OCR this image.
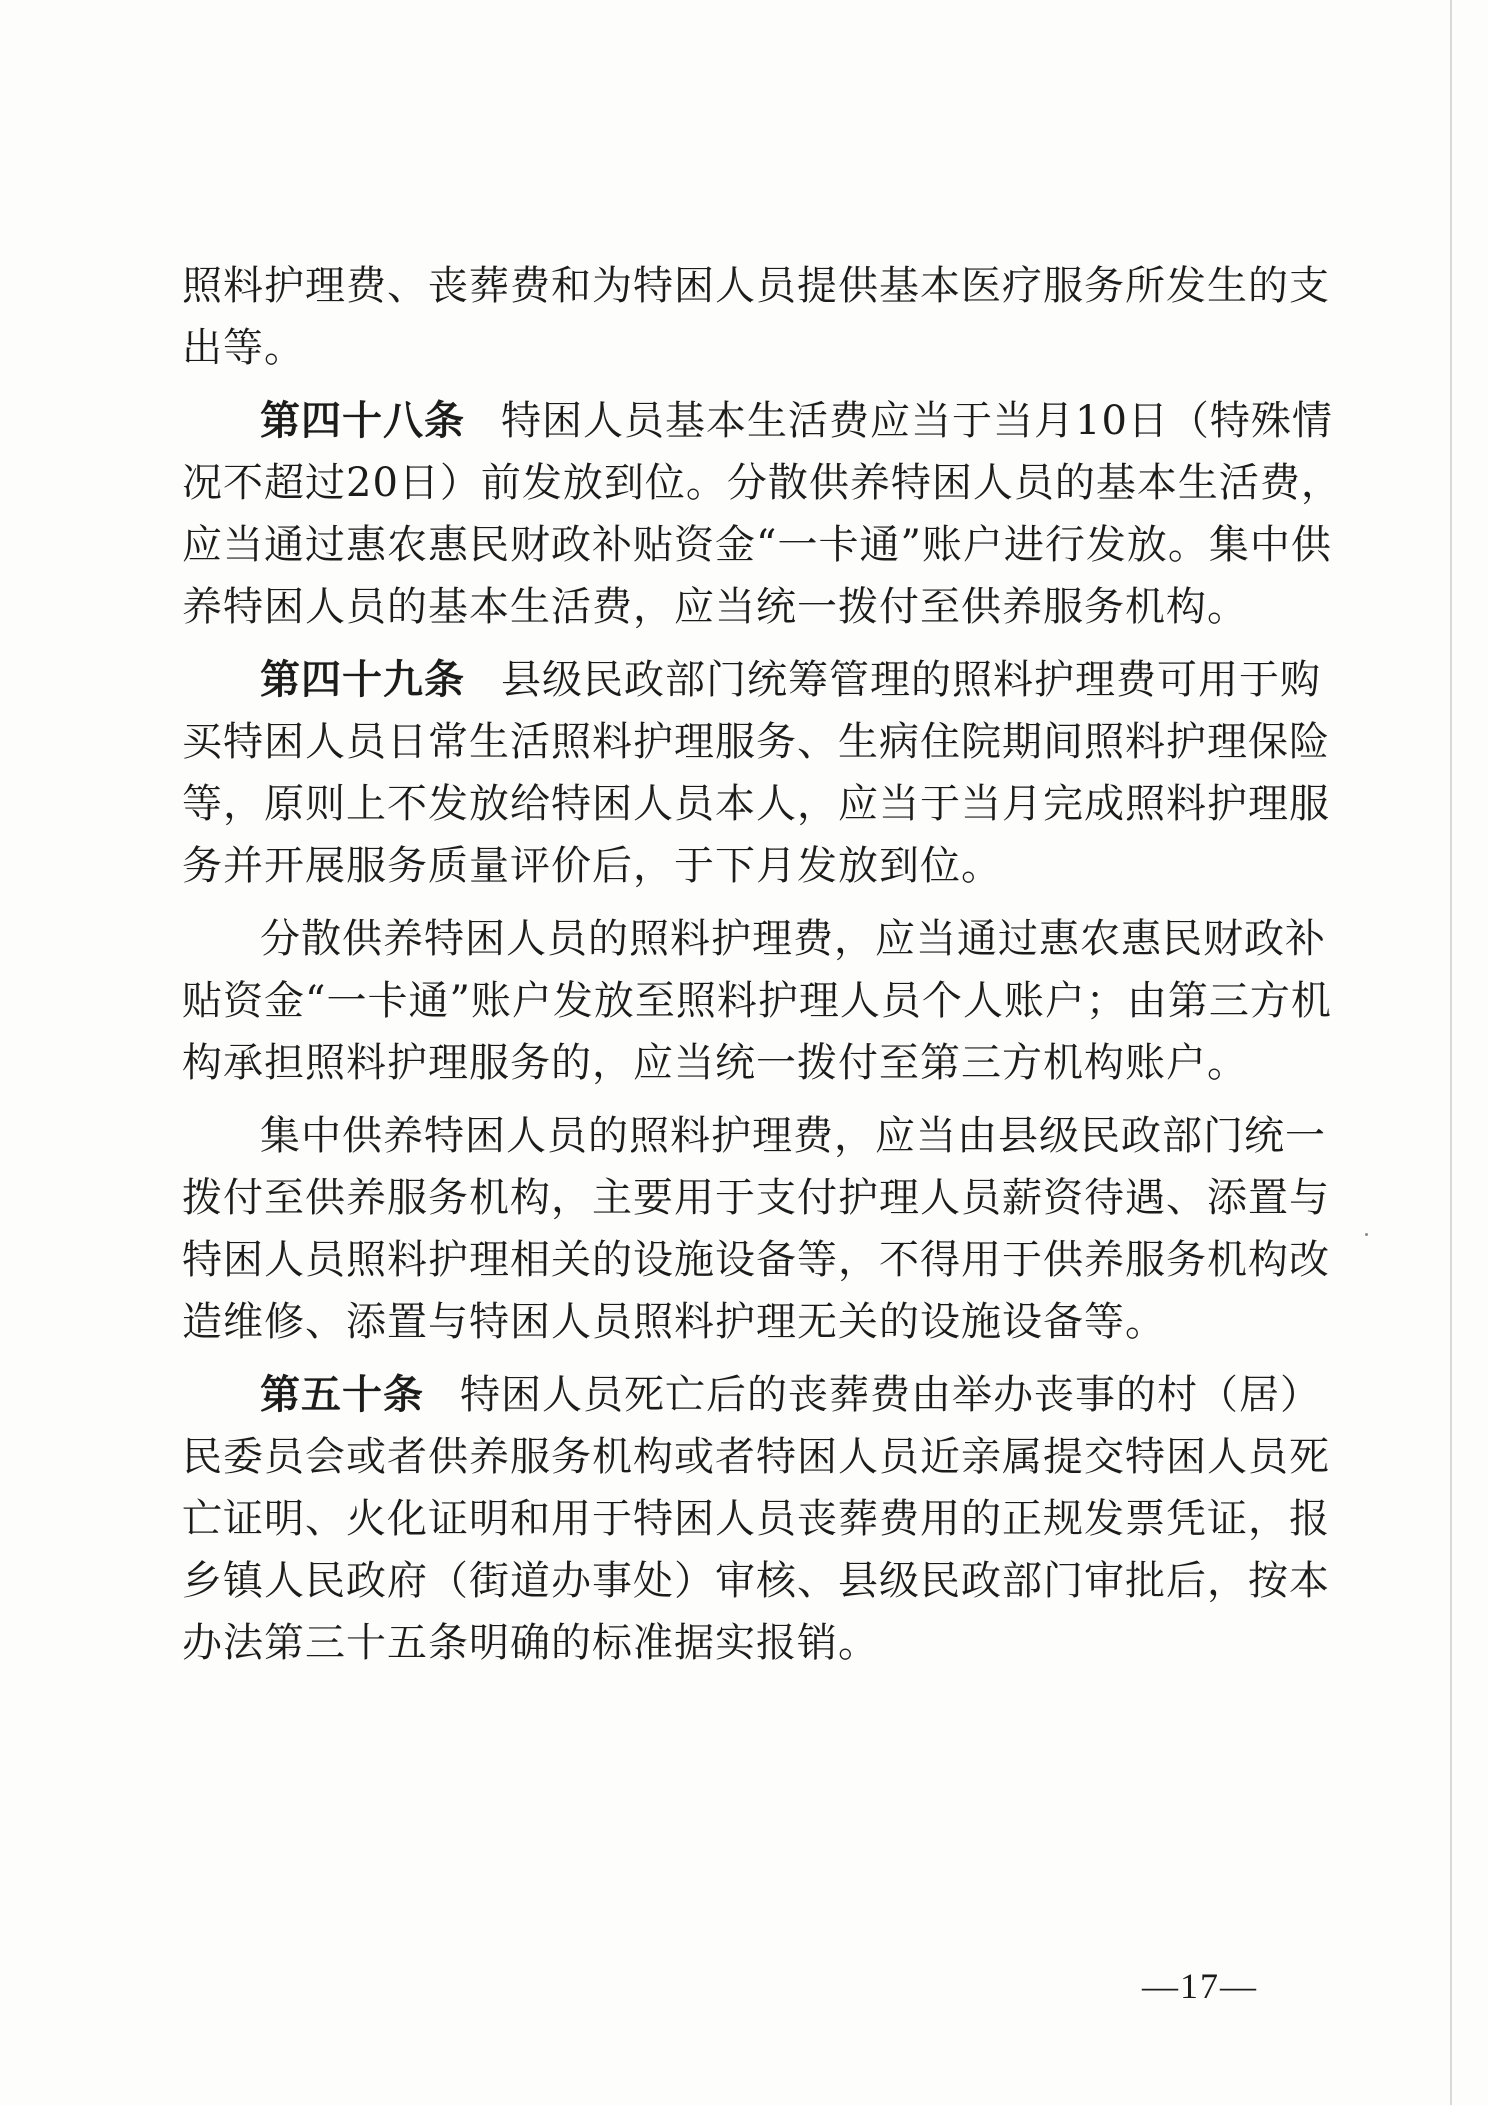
照料护理费、丧葬费和为特困人员提供基本医疗服务所发生的支
出等。
第四十八条 特困人员基本生活费应当于当月10日（特殊情
况不超过20日）前发放到位。分散供养特困人员的基本生活费，
应当通过惠农惠民财政补贴资金“一卡通”账户进行发放。集中供
养特困人员的基本生活费，应当统一拨付至供养服务机构。
第四十九条 县级民政部门统筹管理的照料护理费可用于购
买特困人员日常生活照料护理服务、生病住院期间照料护理保险
等，原则上不发放给特困人员本人，应当于当月完成照料护理服
务并开展服务质量评价后，于下月发放到位。
分散供养特困人员的照料护理费，应当通过惠农惠民财政补
贴资金“一卡通”账户发放至照料护理人员个人账户；由第三方机
构承担照料护理服务的，应当统一拨付至第三方机构账户。
集中供养特困人员的照料护理费，应当由县级民政部门统一
拨付至供养服务机构，主要用于支付护理人员薪资待遇、添置与
特困人员照料护理相关的设施设备等，不得用于供养服务机构改
造维修、添置与特困人员照料护理无关的设施设备等。
第五十条 特困人员死亡后的丧葬费由举办丧事的村（居）
民委员会或者供养服务机构或者特困人员近亲属提交特困人员死
亡证明、火化证明和用于特困人员丧葬费用的正规发票凭证，报
乡镇人民政府（街道办事处）审核、县级民政部门审批后，按本
办法第三十五条明确的标准据实报销。
—17—
